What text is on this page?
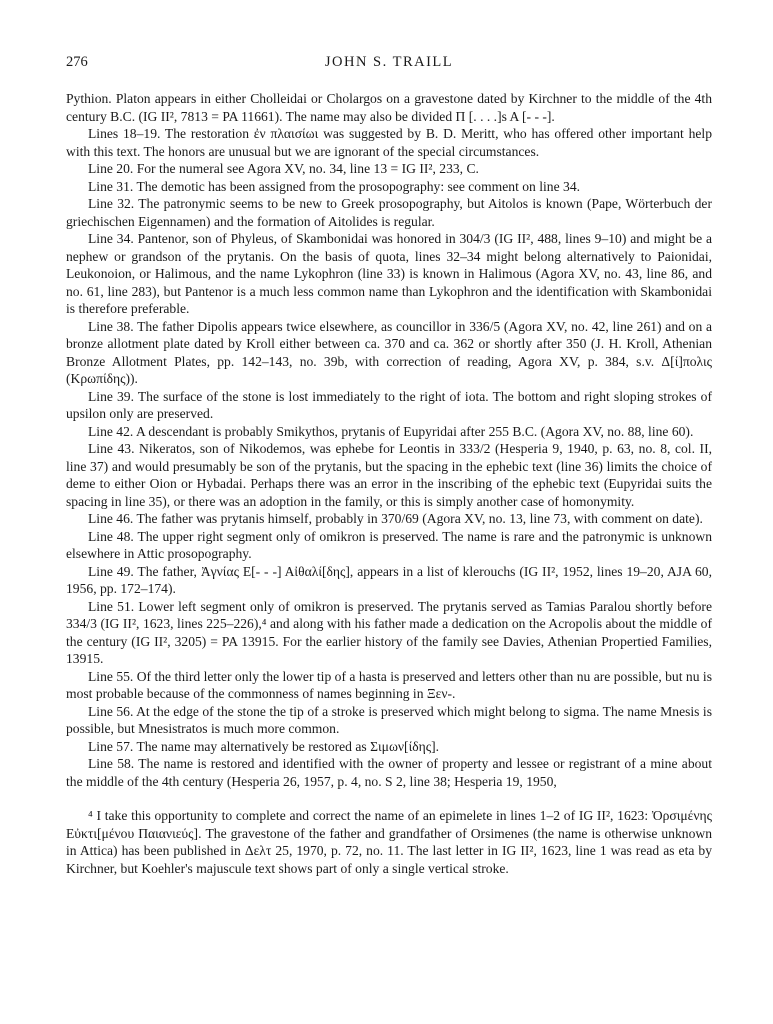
276	JOHN S. TRAILL

Pythion. Platon appears in either Cholleidai or Cholargos on a gravestone dated by Kirchner to the middle of the 4th century B.C. (IG II², 7813 = PA 11661). The name may also be divided Π [. . . .]s A [- - -].

Lines 18–19. The restoration ἐν πλαισίωι was suggested by B. D. Meritt, who has offered other important help with this text. The honors are unusual but we are ignorant of the special circumstances.

Line 20. For the numeral see Agora XV, no. 34, line 13 = IG II², 233, C.

Line 31. The demotic has been assigned from the prosopography: see comment on line 34.

Line 32. The patronymic seems to be new to Greek prosopography, but Aitolos is known (Pape, Wörterbuch der griechischen Eigennamen) and the formation of Aitolides is regular.

Line 34. Pantenor, son of Phyleus, of Skambonidai was honored in 304/3 (IG II², 488, lines 9–10) and might be a nephew or grandson of the prytanis. On the basis of quota, lines 32–34 might belong alternatively to Paionidai, Leukonoion, or Halimous, and the name Lykophron (line 33) is known in Halimous (Agora XV, no. 43, line 86, and no. 61, line 283), but Pantenor is a much less common name than Lykophron and the identification with Skambonidai is therefore preferable.

Line 38. The father Dipolis appears twice elsewhere, as councillor in 336/5 (Agora XV, no. 42, line 261) and on a bronze allotment plate dated by Kroll either between ca. 370 and ca. 362 or shortly after 350 (J. H. Kroll, Athenian Bronze Allotment Plates, pp. 142–143, no. 39b, with correction of reading, Agora XV, p. 384, s.v. Δ[ί]πολις (Κρωπίδης)).

Line 39. The surface of the stone is lost immediately to the right of iota. The bottom and right sloping strokes of upsilon only are preserved.

Line 42. A descendant is probably Smikythos, prytanis of Eupyridai after 255 B.C. (Agora XV, no. 88, line 60).

Line 43. Nikeratos, son of Nikodemos, was ephebe for Leontis in 333/2 (Hesperia 9, 1940, p. 63, no. 8, col. II, line 37) and would presumably be son of the prytanis, but the spacing in the ephebic text (line 36) limits the choice of deme to either Oion or Hybadai. Perhaps there was an error in the inscribing of the ephebic text (Eupyridai suits the spacing in line 35), or there was an adoption in the family, or this is simply another case of homonymity.

Line 46. The father was prytanis himself, probably in 370/69 (Agora XV, no. 13, line 73, with comment on date).

Line 48. The upper right segment only of omikron is preserved. The name is rare and the patronymic is unknown elsewhere in Attic prosopography.

Line 49. The father, Ἀγνίας Ε[- - -] Αἰθαλί[δης], appears in a list of klerouchs (IG II², 1952, lines 19–20, AJA 60, 1956, pp. 172–174).

Line 51. Lower left segment only of omikron is preserved. The prytanis served as Tamias Paralou shortly before 334/3 (IG II², 1623, lines 225–226),⁴ and along with his father made a dedication on the Acropolis about the middle of the century (IG II², 3205) = PA 13915. For the earlier history of the family see Davies, Athenian Propertied Families, 13915.

Line 55. Of the third letter only the lower tip of a hasta is preserved and letters other than nu are possible, but nu is most probable because of the commonness of names beginning in Ξεν-.

Line 56. At the edge of the stone the tip of a stroke is preserved which might belong to sigma. The name Mnesis is possible, but Mnesistratos is much more common.

Line 57. The name may alternatively be restored as Σιμων[ίδης].

Line 58. The name is restored and identified with the owner of property and lessee or registrant of a mine about the middle of the 4th century (Hesperia 26, 1957, p. 4, no. S 2, line 38; Hesperia 19, 1950,

⁴ I take this opportunity to complete and correct the name of an epimelete in lines 1–2 of IG II², 1623: Ὀρσιμένης Εὐκτι[μένου Παιανιεύς]. The gravestone of the father and grandfather of Orsimenes (the name is otherwise unknown in Attica) has been published in Δελτ 25, 1970, p. 72, no. 11. The last letter in IG II², 1623, line 1 was read as eta by Kirchner, but Koehler's majuscule text shows part of only a single vertical stroke.
